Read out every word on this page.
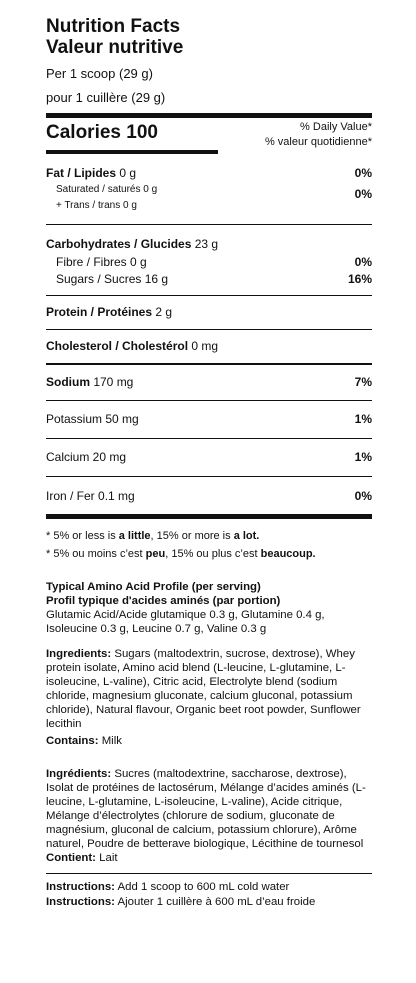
Nutrition Facts
Valeur nutritive
Per 1 scoop (29 g)
pour 1 cuillère (29 g)
Calories 100	% Daily Value*
% valeur quotidienne*
Fat / Lipides 0 g	0%
Saturated / saturés 0 g	0%
+ Trans / trans 0 g
Carbohydrates / Glucides 23 g
Fibre / Fibres 0 g	0%
Sugars / Sucres 16 g	16%
Protein / Protéines 2 g
Cholesterol / Cholestérol 0 mg
Sodium 170 mg	7%
Potassium 50 mg	1%
Calcium 20 mg	1%
Iron / Fer 0.1 mg	0%
* 5% or less is a little, 15% or more is a lot.
* 5% ou moins c’est peu, 15% ou plus c’est beaucoup.
Typical Amino Acid Profile (per serving)
Profil typique d'acides aminés (par portion)
Glutamic Acid/Acide glutamique 0.3 g, Glutamine 0.4 g, Isoleucine 0.3 g, Leucine 0.7 g, Valine 0.3 g
Ingredients: Sugars (maltodextrin, sucrose, dextrose), Whey protein isolate, Amino acid blend (L-leucine, L-glutamine, L-isoleucine, L-valine), Citric acid, Electrolyte blend (sodium chloride, magnesium gluconate, calcium gluconal, potassium chloride), Natural flavour, Organic beet root powder, Sunflower lecithin
Contains: Milk
Ingrédients: Sucres (maltodextrine, saccharose, dextrose), Isolat de protéines de lactosérum, Mélange d’acides aminés (L-leucine, L-glutamine, L-isoleucine, L-valine), Acide citrique, Mélange d’électrolytes (chlorure de sodium, gluconate de magnésium, gluconal de calcium, potassium chlorure), Arôme naturel, Poudre de betterave biologique, Lécithine de tournesol
Contient: Lait
Instructions: Add 1 scoop to 600 mL cold water
Instructions: Ajouter 1 cuillère à 600 mL d’eau froide
